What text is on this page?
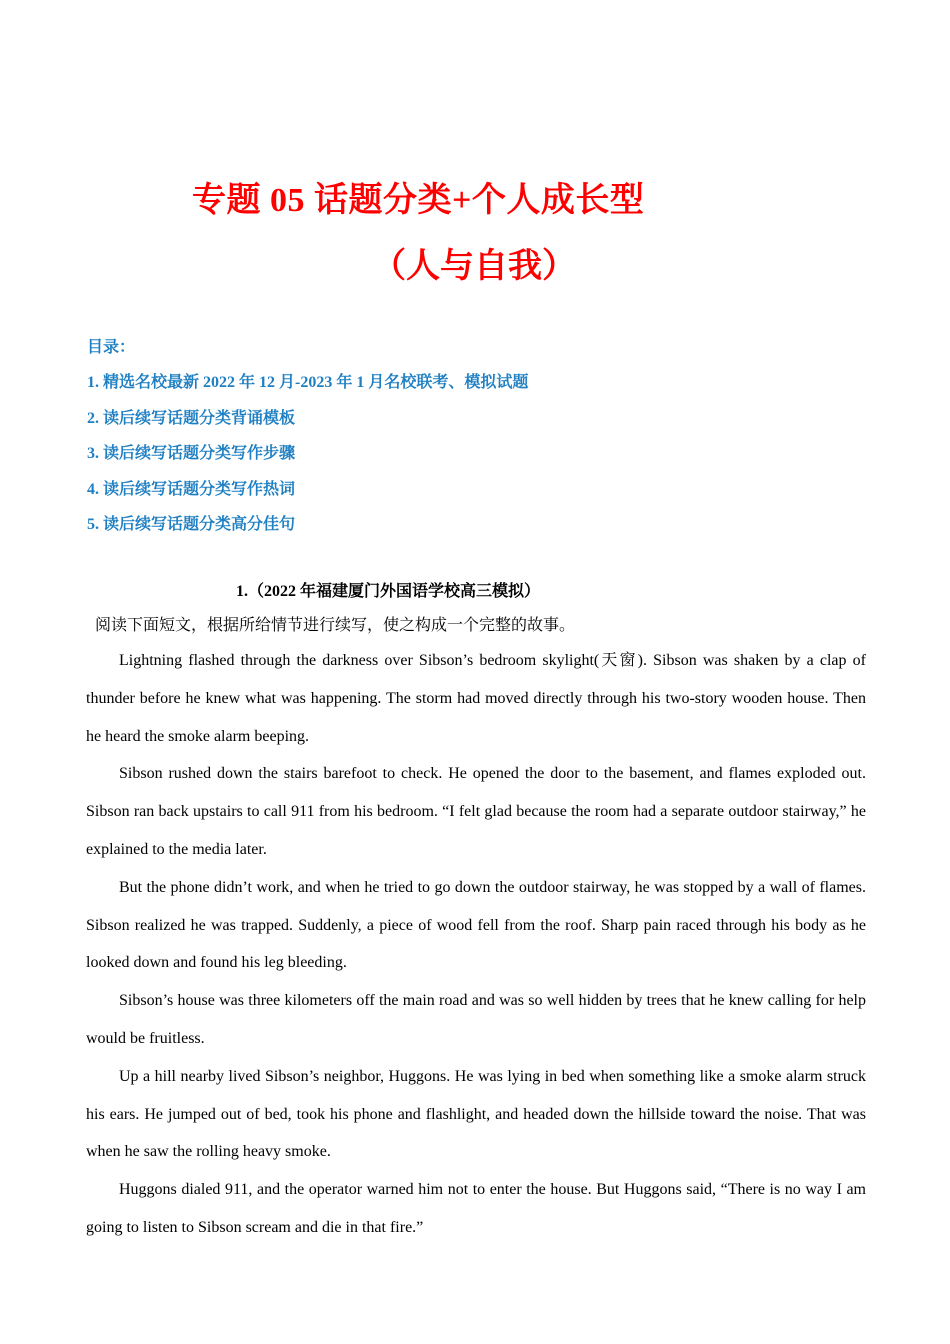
专题 05 话题分类+个人成长型
（人与自我）
目录：
1. 精选名校最新 2022 年 12 月-2023 年 1 月名校联考、模拟试题
2. 读后续写话题分类背诵模板
3. 读后续写话题分类写作步骤
4. 读后续写话题分类写作热词
5. 读后续写话题分类高分佳句
1.（2022 年福建厦门外国语学校高三模拟）
阅读下面短文，根据所给情节进行续写，使之构成一个完整的故事。

Lightning flashed through the darkness over Sibson’s bedroom skylight(天窗). Sibson was shaken by a clap of thunder before he knew what was happening. The storm had moved directly through his two-story wooden house. Then he heard the smoke alarm beeping.

Sibson rushed down the stairs barefoot to check. He opened the door to the basement, and flames exploded out. Sibson ran back upstairs to call 911 from his bedroom. “I felt glad because the room had a separate outdoor stairway,” he explained to the media later.

But the phone didn’t work, and when he tried to go down the outdoor stairway, he was stopped by a wall of flames. Sibson realized he was trapped. Suddenly, a piece of wood fell from the roof. Sharp pain raced through his body as he looked down and found his leg bleeding.

Sibson’s house was three kilometers off the main road and was so well hidden by trees that he knew calling for help would be fruitless.

Up a hill nearby lived Sibson’s neighbor, Huggons. He was lying in bed when something like a smoke alarm struck his ears. He jumped out of bed, took his phone and flashlight, and headed down the hillside toward the noise. That was when he saw the rolling heavy smoke.

Huggons dialed 911, and the operator warned him not to enter the house. But Huggons said, “There is no way I am going to listen to Sibson scream and die in that fire.”
